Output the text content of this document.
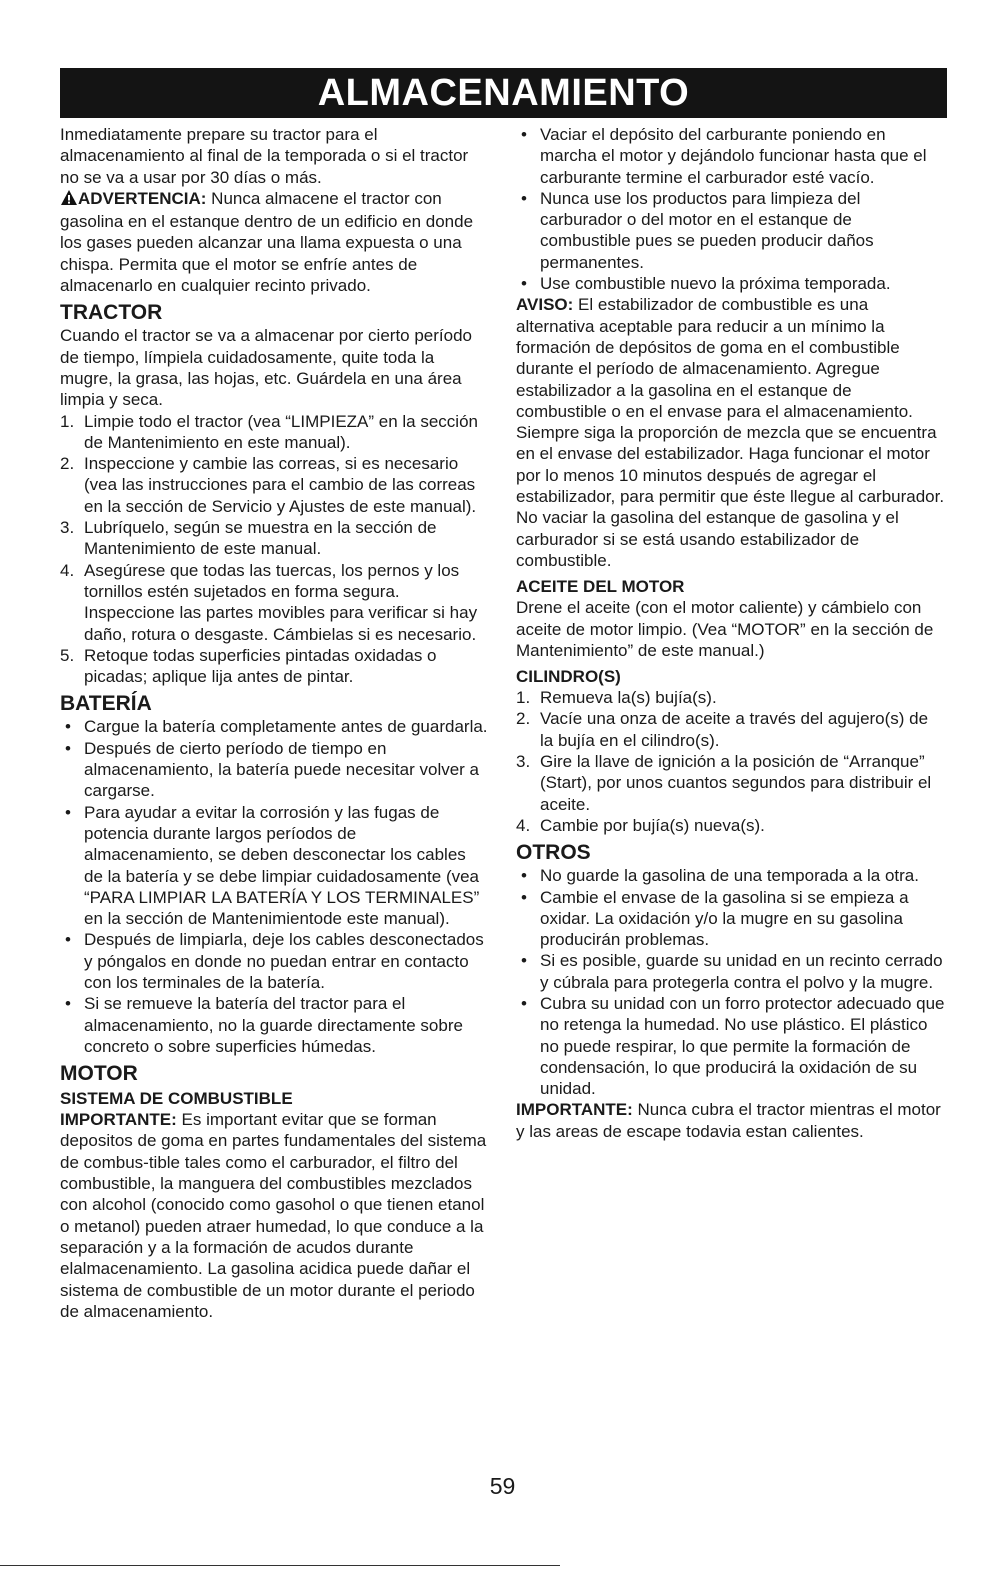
ALMACENAMIENTO

Inmediatamente prepare su tractor para el almacenamiento al final de la temporada o si el tractor no se va a usar por 30 días o más.

ADVERTENCIA: Nunca almacene el tractor con gasolina en el estanque dentro de un edificio en donde los gases pueden alcanzar una llama expuesta o una chispa. Permita que el motor se enfríe antes de almacenarlo en cualquier recinto privado.

TRACTOR

Cuando el tractor se va a almacenar por cierto período de tiempo, límpiela cuidadosamente, quite toda la mugre, la grasa, las hojas, etc. Guárdela en una área limpia y seca.

1. Limpie todo el tractor (vea “LIMPIEZA” en la sección de Mantenimiento en este manual).
2. Inspeccione y cambie las correas, si es necesario (vea las instrucciones para el cambio de las correas en la sección de Servicio y Ajustes de este manual).
3. Lubríquelo, según se muestra en la sección de Mantenimiento de este manual.
4. Asegúrese que todas las tuercas, los pernos y los tornillos estén sujetados en forma segura. Inspeccione las partes movibles para verificar si hay daño, rotura o desgaste. Cámbielas si es necesario.
5. Retoque todas superficies pintadas oxidadas o picadas; aplique lija antes de pintar.
BATERÍA
• Cargue la batería completamente antes de guardarla.
• Después de cierto período de tiempo en almacenamiento, la batería puede necesitar volver a cargarse.
• Para ayudar a evitar la corrosión y las fugas de potencia durante largos períodos de almacenamiento, se deben desconectar los cables de la batería y se debe limpiar cuidadosamente (vea “PARA LIMPIAR LA BATERÍA Y LOS TERMINALES” en la sección de Mantenimientode este manual).
• Después de limpiarla, deje los cables desconectados y póngalos en donde no puedan entrar en contacto con los terminales de la batería.
• Si se remueve la batería del tractor para el almacenamiento, no la guarde directamente sobre concreto o sobre superficies húmedas.
MOTOR
SISTEMA DE COMBUSTIBLE

IMPORTANTE: Es important evitar que se forman depositos de goma en partes fundamentales del sistema de combus-tible tales como el carburador, el filtro del combustible, la manguera del combustibles mezclados con alcohol (conocido como gasohol o que tienen etanol o metanol) pueden atraer humedad, lo que conduce a la separación y a la formación de acudos durante elalmacenamiento. La gasolina acidica puede dañar el sistema de combustible de un motor durante el periodo de almacenamiento.

• Vaciar el depósito del carburante poniendo en marcha el motor y dejándolo funcionar hasta que el carburante termine el carburador esté vacío.
• Nunca use los productos para limpieza del carburador o del motor en el estanque de combustible pues se pueden producir daños permanentes.
• Use combustible nuevo la próxima temporada.

AVISO: El estabilizador de combustible es una alternativa aceptable para reducir a un mínimo la formación de depósitos de goma en el combustible durante el período de almacenamiento. Agregue estabilizador a la gasolina en el estanque de combustible o en el envase para el almacenamiento. Siempre siga la proporción de mezcla que se encuentra en el envase del estabilizador. Haga funcionar el motor por lo menos 10 minutos después de agregar el estabilizador, para permitir que éste llegue al carburador. No vaciar la gasolina del estanque de gasolina y el carburador si se está usando estabilizador de combustible.

ACEITE DEL MOTOR

Drene el aceite (con el motor caliente) y cámbielo con aceite de motor limpio. (Vea “MOTOR” en la sección de Mantenimiento” de este manual.)

CILINDRO(S)
1. Remueva la(s) bujía(s).
2. Vacíe una onza de aceite a través del agujero(s) de la bujía en el cilindro(s).
3. Gire la llave de ignición a la posición de “Arranque” (Start), por unos cuantos segundos para distribuir el aceite.
4. Cambie por bujía(s) nueva(s).
OTROS
• No guarde la gasolina de una temporada a la otra.
• Cambie el envase de la gasolina si se empieza a oxidar. La oxidación y/o la mugre en su gasolina producirán problemas.
• Si es posible, guarde su unidad en un recinto cerrado y cúbrala para protegerla contra el polvo y la mugre.
• Cubra su unidad con un forro protector adecuado que no retenga la humedad. No use plástico. El plástico no puede respirar, lo que permite la formación de condensación, lo que producirá la oxidación de su unidad.

IMPORTANTE: Nunca cubra el tractor mientras el motor y las areas de escape todavia estan calientes.

59
